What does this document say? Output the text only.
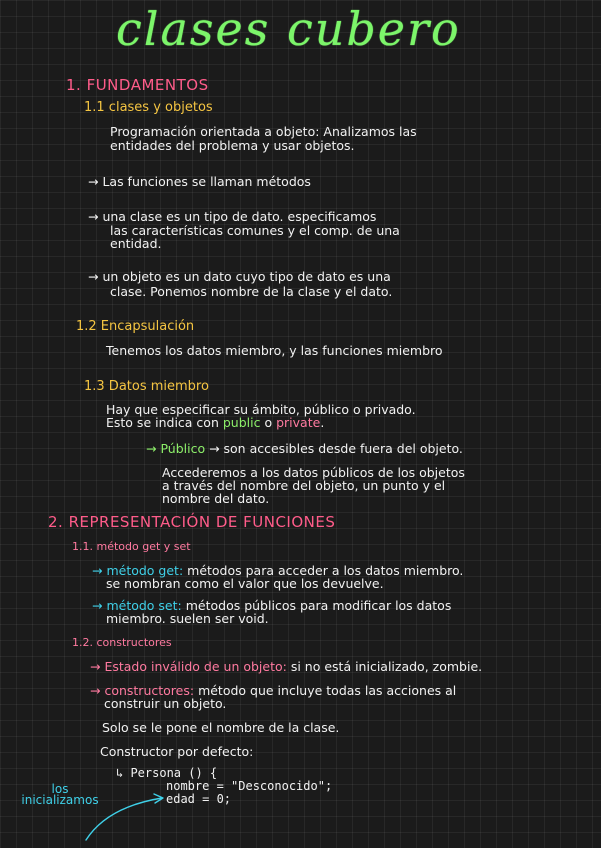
clases cubero
1. FUNDAMENTOS
1.1 clases y objetos
Programación orientada a objeto: Analizamos las
entidades del problema y usar objetos.
→ Las funciones se llaman métodos
→ una clase es un tipo de dato. especificamos
las características comunes y el comp. de una
entidad.
→ un objeto es un dato cuyo tipo de dato es una
clase. Ponemos nombre de la clase y el dato.
1.2 Encapsulación
Tenemos los datos miembro, y las funciones miembro
1.3 Datos miembro
Hay que especificar su ámbito, público o privado.
Esto se indica con public o private.
→ Público → son accesibles desde fuera del objeto.
Accederemos a los datos públicos de los objetos
a través del nombre del objeto, un punto y el
nombre del dato.
2. REPRESENTACIÓN DE FUNCIONES
1.1. método get y set
→ método get: métodos para acceder a los datos miembro.
se nombran como el valor que los devuelve.
→ método set: métodos públicos para modificar los datos
miembro. suelen ser void.
1.2. constructores
→ Estado inválido de un objeto: si no está inicializado, zombie.
→ constructores: método que incluye todas las acciones al
construir un objeto.
Solo se le pone el nombre de la clase.
Constructor por defecto:
↳ Persona () {
nombre = "Desconocido";
edad = 0;
los
inicializamos
